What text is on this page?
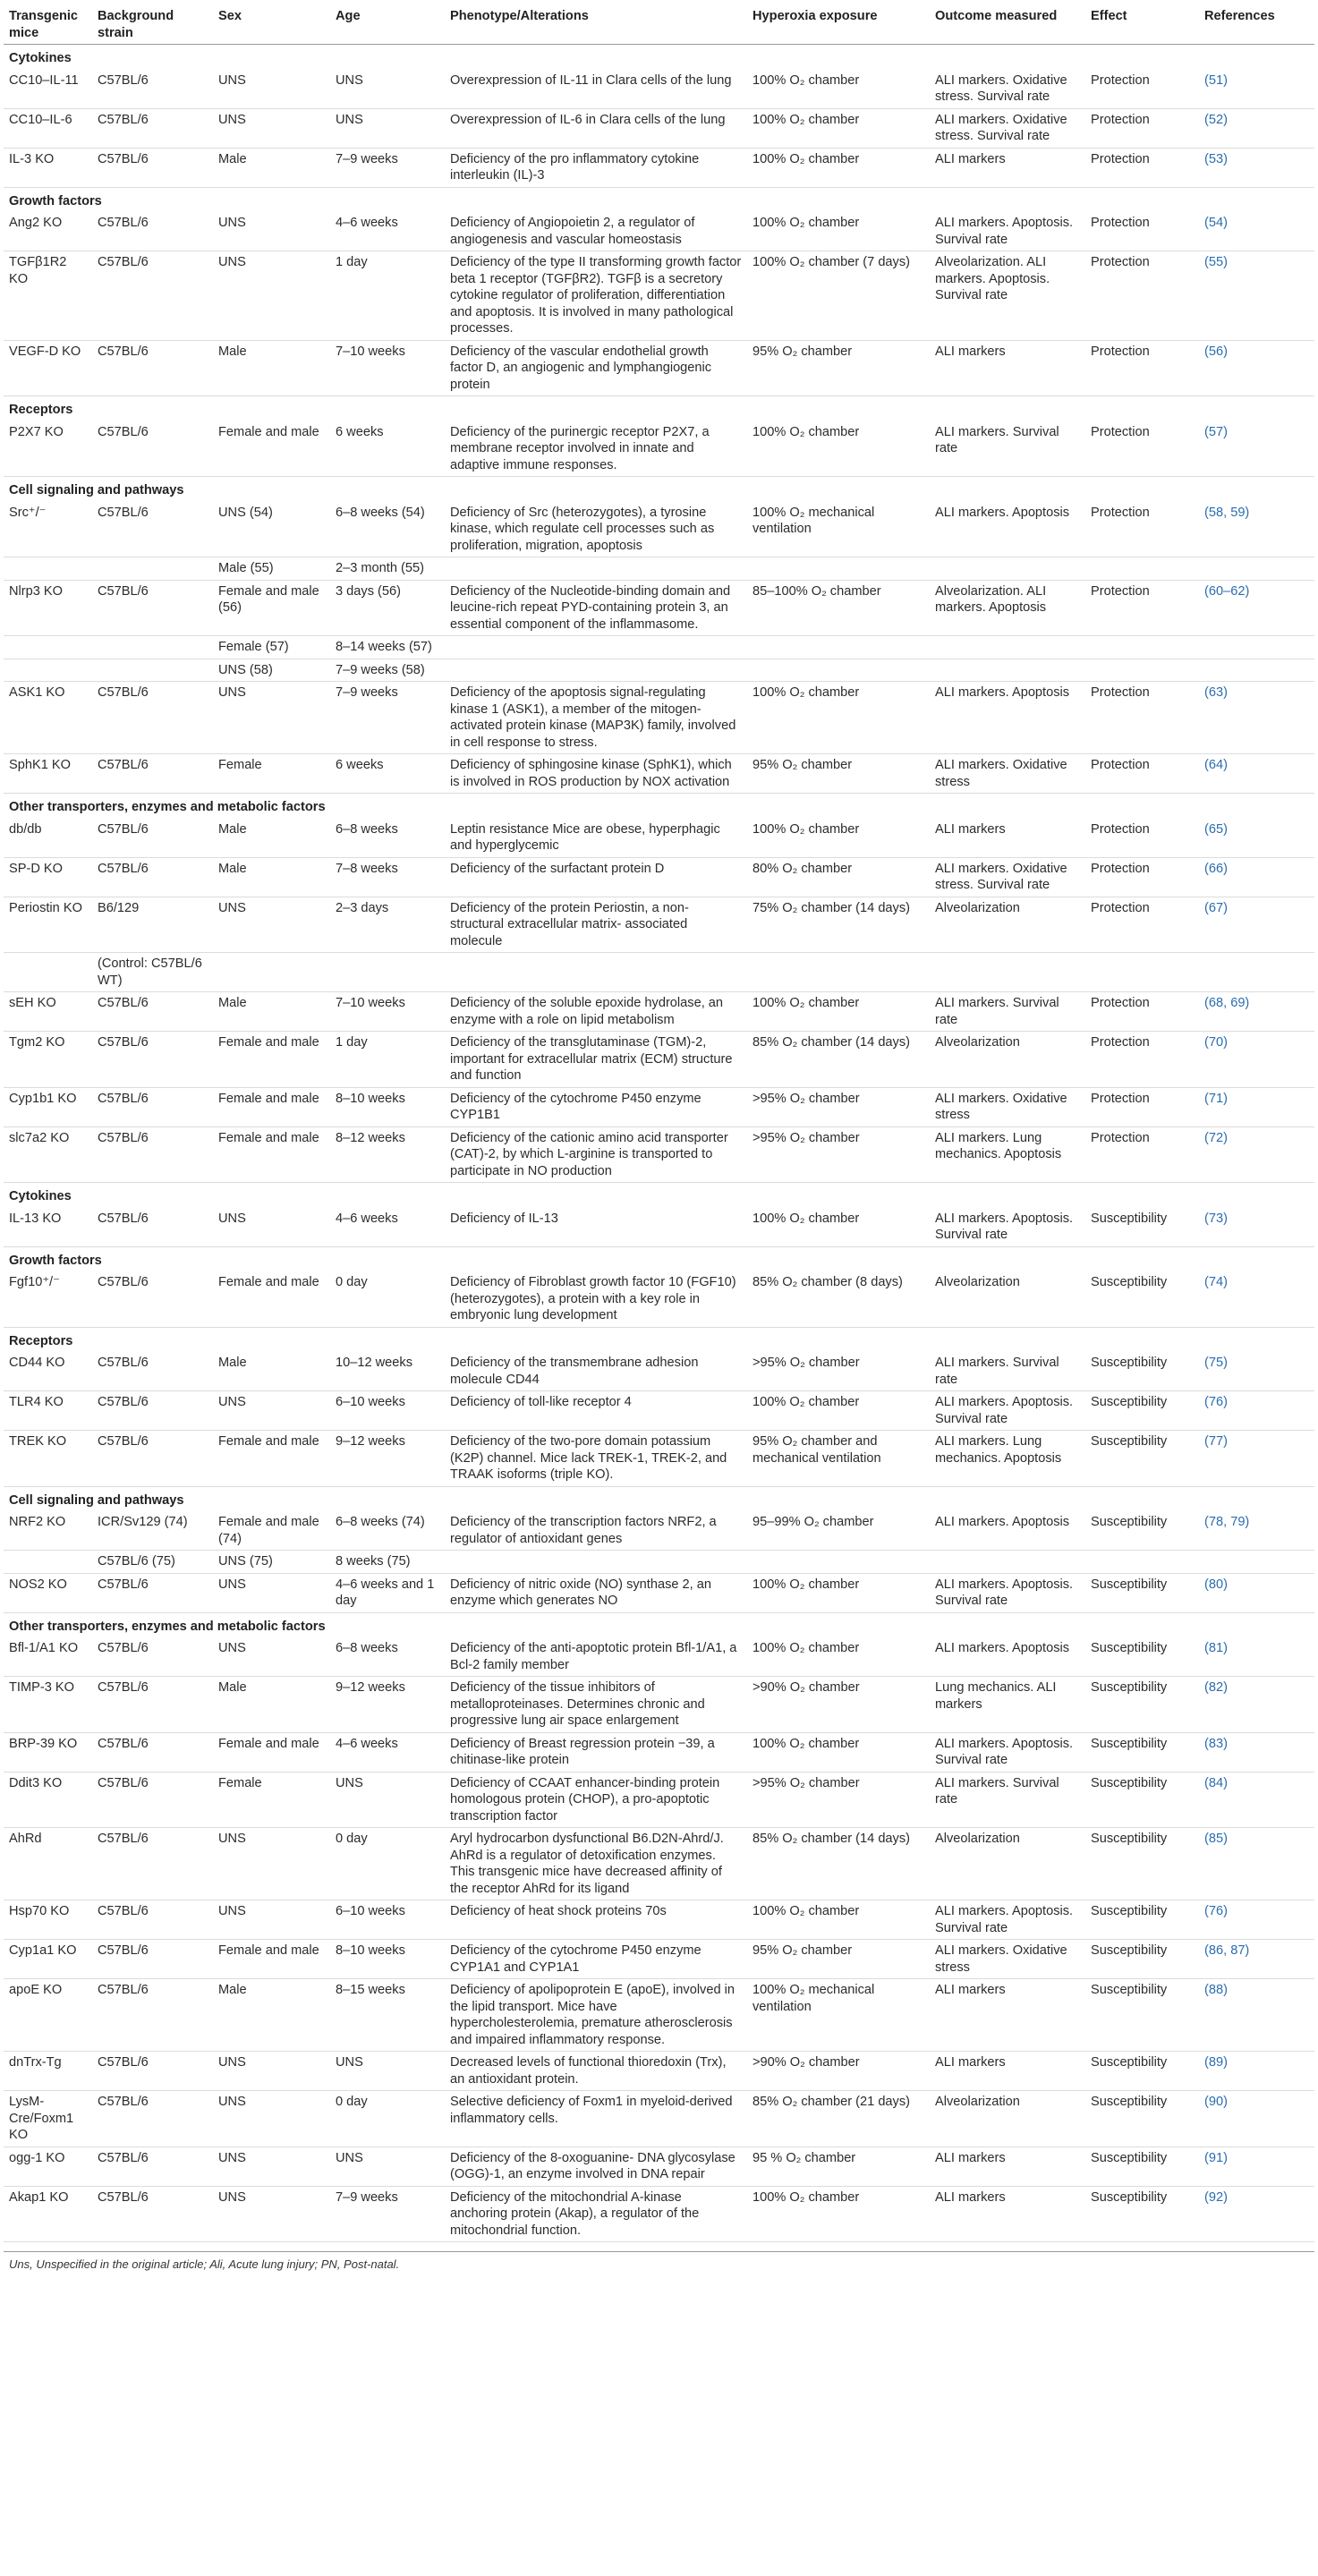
Transgenic mice	Background strain	Sex	Age	Phenotype/Alterations	Hyperoxia exposure	Outcome measured	Effect	References
Cytokines								
CC10–IL-11	C57BL/6	UNS	UNS	Overexpression of IL-11 in Clara cells of the lung	100% O₂ chamber	ALI markers. Oxidative stress. Survival rate	Protection	(51)
CC10–IL-6	C57BL/6	UNS	UNS	Overexpression of IL-6 in Clara cells of the lung	100% O₂ chamber	ALI markers. Oxidative stress. Survival rate	Protection	(52)
IL-3 KO	C57BL/6	Male	7–9 weeks	Deficiency of the pro inflammatory cytokine interleukin (IL)-3	100% O₂ chamber	ALI markers	Protection	(53)
Growth factors								
Ang2 KO	C57BL/6	UNS	4–6 weeks	Deficiency of Angiopoietin 2, a regulator of angiogenesis and vascular homeostasis	100% O₂ chamber	ALI markers. Apoptosis. Survival rate	Protection	(54)
TGFβ1R2 KO	C57BL/6	UNS	1 day	Deficiency of the type II transforming growth factor beta 1 receptor (TGFβR2). TGFβ is a secretory cytokine regulator of proliferation, differentiation and apoptosis. It is involved in many pathological processes.	100% O₂ chamber (7 days)	Alveolarization. ALI markers. Apoptosis. Survival rate	Protection	(55)
VEGF-D KO	C57BL/6	Male	7–10 weeks	Deficiency of the vascular endothelial growth factor D, an angiogenic and lymphangiogenic protein	95% O₂ chamber	ALI markers	Protection	(56)
Receptors								
P2X7 KO	C57BL/6	Female and male	6 weeks	Deficiency of the purinergic receptor P2X7, a membrane receptor involved in innate and adaptive immune responses.	100% O₂ chamber	ALI markers. Survival rate	Protection	(57)
Cell signaling and pathways								
Src⁺/⁻	C57BL/6	UNS (54)	6–8 weeks (54)	Deficiency of Src (heterozygotes), a tyrosine kinase, which regulate cell processes such as proliferation, migration, apoptosis	100% O₂ mechanical ventilation	ALI markers. Apoptosis	Protection	(58, 59)
		Male (55)	2–3 month (55)					
Nlrp3 KO	C57BL/6	Female and male (56)	3 days (56)	Deficiency of the Nucleotide-binding domain and leucine-rich repeat PYD-containing protein 3, an essential component of the inflammasome.	85–100% O₂ chamber	Alveolarization. ALI markers. Apoptosis	Protection	(60–62)
		Female (57)	8–14 weeks (57)					
		UNS (58)	7–9 weeks (58)					
ASK1 KO	C57BL/6	UNS	7–9 weeks	Deficiency of the apoptosis signal-regulating kinase 1 (ASK1), a member of the mitogen-activated protein kinase (MAP3K) family, involved in cell response to stress.	100% O₂ chamber	ALI markers. Apoptosis	Protection	(63)
SphK1 KO	C57BL/6	Female	6 weeks	Deficiency of sphingosine kinase (SphK1), which is involved in ROS production by NOX activation	95% O₂ chamber	ALI markers. Oxidative stress	Protection	(64)
Other transporters, enzymes and metabolic factors								
db/db	C57BL/6	Male	6–8 weeks	Leptin resistance Mice are obese, hyperphagic and hyperglycemic	100% O₂ chamber	ALI markers	Protection	(65)
SP-D KO	C57BL/6	Male	7–8 weeks	Deficiency of the surfactant protein D	80% O₂ chamber	ALI markers. Oxidative stress. Survival rate	Protection	(66)
Periostin KO	B6/129	UNS	2–3 days	Deficiency of the protein Periostin, a non-structural extracellular matrix- associated molecule	75% O₂ chamber (14 days)	Alveolarization	Protection	(67)
	(Control: C57BL/6 WT)							
sEH KO	C57BL/6	Male	7–10 weeks	Deficiency of the soluble epoxide hydrolase, an enzyme with a role on lipid metabolism	100% O₂ chamber	ALI markers. Survival rate	Protection	(68, 69)
Tgm2 KO	C57BL/6	Female and male	1 day	Deficiency of the transglutaminase (TGM)-2, important for extracellular matrix (ECM) structure and function	85% O₂ chamber (14 days)	Alveolarization	Protection	(70)
Cyp1b1 KO	C57BL/6	Female and male	8–10 weeks	Deficiency of the cytochrome P450 enzyme CYP1B1	>95% O₂ chamber	ALI markers. Oxidative stress	Protection	(71)
slc7a2 KO	C57BL/6	Female and male	8–12 weeks	Deficiency of the cationic amino acid transporter (CAT)-2, by which L-arginine is transported to participate in NO production	>95% O₂ chamber	ALI markers. Lung mechanics. Apoptosis	Protection	(72)
Cytokines								
IL-13 KO	C57BL/6	UNS	4–6 weeks	Deficiency of IL-13	100% O₂ chamber	ALI markers. Apoptosis. Survival rate	Susceptibility	(73)
Growth factors								
Fgf10⁺/⁻	C57BL/6	Female and male	0 day	Deficiency of Fibroblast growth factor 10 (FGF10) (heterozygotes), a protein with a key role in embryonic lung development	85% O₂ chamber (8 days)	Alveolarization	Susceptibility	(74)
Receptors								
CD44 KO	C57BL/6	Male	10–12 weeks	Deficiency of the transmembrane adhesion molecule CD44	>95% O₂ chamber	ALI markers. Survival rate	Susceptibility	(75)
TLR4 KO	C57BL/6	UNS	6–10 weeks	Deficiency of toll-like receptor 4	100% O₂ chamber	ALI markers. Apoptosis. Survival rate	Susceptibility	(76)
TREK KO	C57BL/6	Female and male	9–12 weeks	Deficiency of the two-pore domain potassium (K2P) channel. Mice lack TREK-1, TREK-2, and TRAAK isoforms (triple KO).	95% O₂ chamber and mechanical ventilation	ALI markers. Lung mechanics. Apoptosis	Susceptibility	(77)
Cell signaling and pathways								
NRF2 KO	ICR/Sv129 (74)	Female and male (74)	6–8 weeks (74)	Deficiency of the transcription factors NRF2, a regulator of antioxidant genes	95–99% O₂ chamber	ALI markers. Apoptosis	Susceptibility	(78, 79)
	C57BL/6 (75)	UNS (75)	8 weeks (75)					
NOS2 KO	C57BL/6	UNS	4–6 weeks and 1 day	Deficiency of nitric oxide (NO) synthase 2, an enzyme which generates NO	100% O₂ chamber	ALI markers. Apoptosis. Survival rate	Susceptibility	(80)
Other transporters, enzymes and metabolic factors								
Bfl-1/A1 KO	C57BL/6	UNS	6–8 weeks	Deficiency of the anti-apoptotic protein Bfl-1/A1, a Bcl-2 family member	100% O₂ chamber	ALI markers. Apoptosis	Susceptibility	(81)
TIMP-3 KO	C57BL/6	Male	9–12 weeks	Deficiency of the tissue inhibitors of metalloproteinases. Determines chronic and progressive lung air space enlargement	>90% O₂ chamber	Lung mechanics. ALI markers	Susceptibility	(82)
BRP-39 KO	C57BL/6	Female and male	4–6 weeks	Deficiency of Breast regression protein −39, a chitinase-like protein	100% O₂ chamber	ALI markers. Apoptosis. Survival rate	Susceptibility	(83)
Ddit3 KO	C57BL/6	Female	UNS	Deficiency of CCAAT enhancer-binding protein homologous protein (CHOP), a pro-apoptotic transcription factor	>95% O₂ chamber	ALI markers. Survival rate	Susceptibility	(84)
AhRd	C57BL/6	UNS	0 day	Aryl hydrocarbon dysfunctional B6.D2N-Ahrd/J. AhRd is a regulator of detoxification enzymes. This transgenic mice have decreased affinity of the receptor AhRd for its ligand	85% O₂ chamber (14 days)	Alveolarization	Susceptibility	(85)
Hsp70 KO	C57BL/6	UNS	6–10 weeks	Deficiency of heat shock proteins 70s	100% O₂ chamber	ALI markers. Apoptosis. Survival rate	Susceptibility	(76)
Cyp1a1 KO	C57BL/6	Female and male	8–10 weeks	Deficiency of the cytochrome P450 enzyme CYP1A1 and CYP1A1	95% O₂ chamber	ALI markers. Oxidative stress	Susceptibility	(86, 87)
apoE KO	C57BL/6	Male	8–15 weeks	Deficiency of apolipoprotein E (apoE), involved in the lipid transport. Mice have hypercholesterolemia, premature atherosclerosis and impaired inflammatory response.	100% O₂ mechanical ventilation	ALI markers	Susceptibility	(88)
dnTrx-Tg	C57BL/6	UNS	UNS	Decreased levels of functional thioredoxin (Trx), an antioxidant protein.	>90% O₂ chamber	ALI markers	Susceptibility	(89)
LysM-Cre/Foxm1 KO	C57BL/6	UNS	0 day	Selective deficiency of Foxm1 in myeloid-derived inflammatory cells.	85% O₂ chamber (21 days)	Alveolarization	Susceptibility	(90)
ogg-1 KO	C57BL/6	UNS	UNS	Deficiency of the 8-oxoguanine- DNA glycosylase (OGG)-1, an enzyme involved in DNA repair	95 % O₂ chamber	ALI markers	Susceptibility	(91)
Akap1 KO	C57BL/6	UNS	7–9 weeks	Deficiency of the mitochondrial A-kinase anchoring protein (Akap), a regulator of the mitochondrial function.	100% O₂ chamber	ALI markers	Susceptibility	(92)
Uns, Unspecified in the original article; Ali, Acute lung injury; PN, Post-natal.
